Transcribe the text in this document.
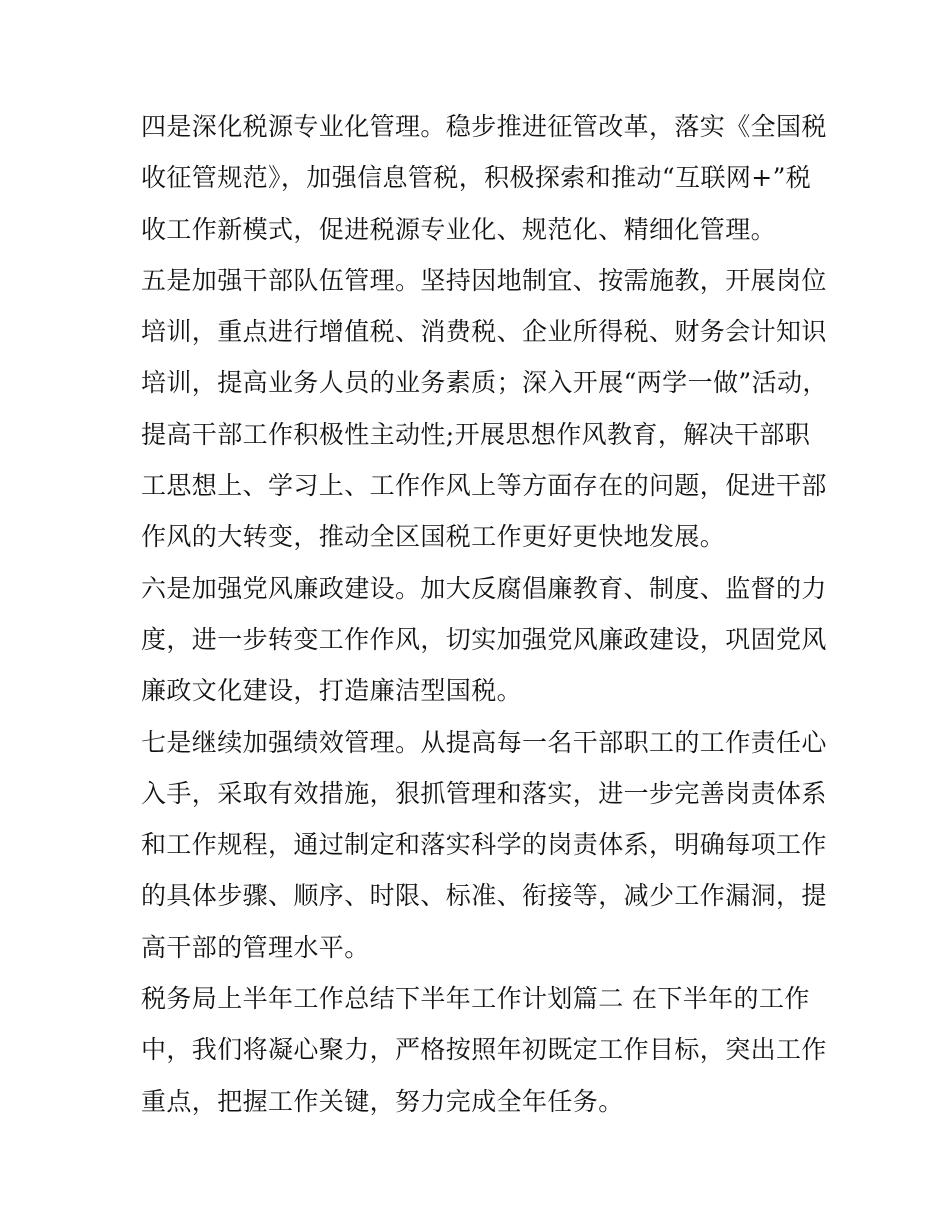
四是深化税源专业化管理。稳步推进征管改革，落实《全国税
收征管规范》，加强信息管税，积极探索和推动“互联网+”税
收工作新模式，促进税源专业化、规范化、精细化管理。
五是加强干部队伍管理。坚持因地制宜、按需施教，开展岗位
培训，重点进行增值税、消费税、企业所得税、财务会计知识
培训，提高业务人员的业务素质；深入开展“两学一做”活动，
提高干部工作积极性主动性;开展思想作风教育，解决干部职
工思想上、学习上、工作作风上等方面存在的问题，促进干部
作风的大转变，推动全区国税工作更好更快地发展。
六是加强党风廉政建设。加大反腐倡廉教育、制度、监督的力
度，进一步转变工作作风，切实加强党风廉政建设，巩固党风
廉政文化建设，打造廉洁型国税。
七是继续加强绩效管理。从提高每一名干部职工的工作责任心
入手，采取有效措施，狠抓管理和落实，进一步完善岗责体系
和工作规程，通过制定和落实科学的岗责体系，明确每项工作
的具体步骤、顺序、时限、标准、衔接等，减少工作漏洞，提
高干部的管理水平。
税务局上半年工作总结下半年工作计划篇二 在下半年的工作
中，我们将凝心聚力，严格按照年初既定工作目标，突出工作
重点，把握工作关键，努力完成全年任务。
